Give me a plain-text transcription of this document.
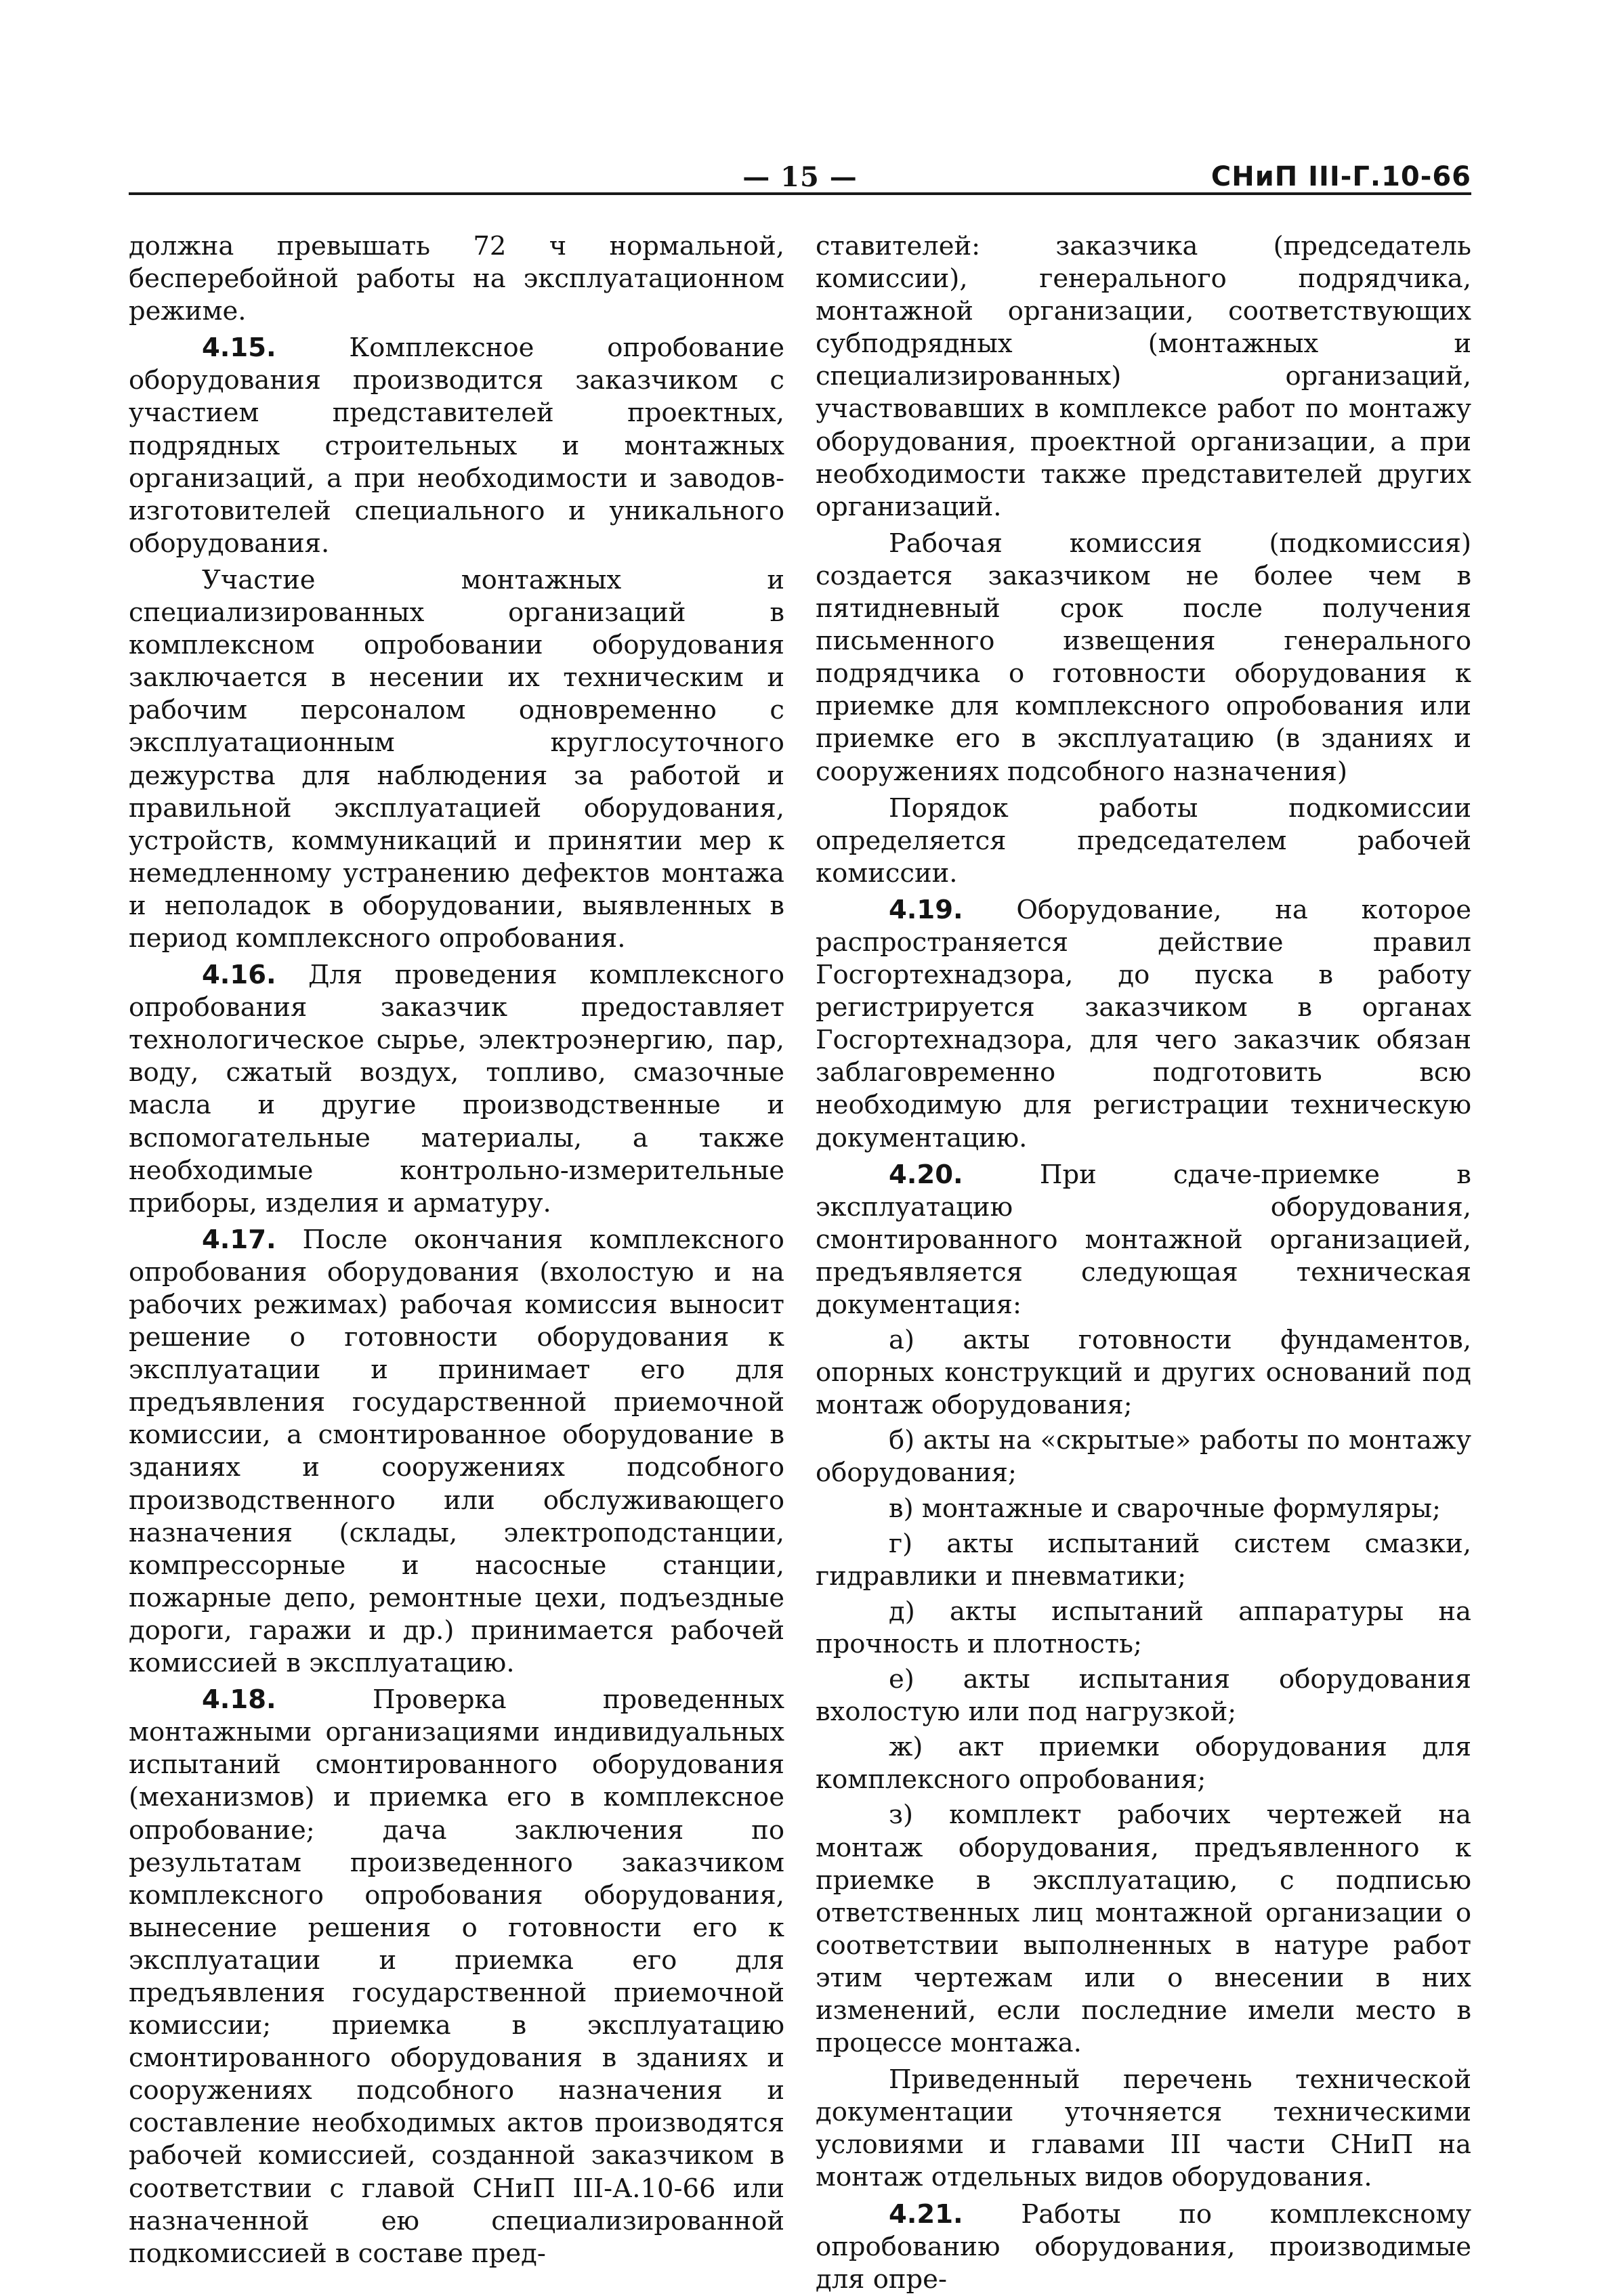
— 15 —	СНиП III-Г.10-66

должна превышать 72 ч нормальной, бесперебойной работы на эксплуатационном режиме.

4.15.	Комплексное опробование оборудования производится заказчиком с участием представителей проектных, подрядных строительных и монтажных организаций, а при необходимости и заводов-изготовителей специального и уникального оборудования.

Участие монтажных и специализированных организаций в комплексном опробовании оборудования заключается в несении их техническим и рабочим персоналом одновременно с эксплуатационным круглосуточного дежурства для наблюдения за работой и правильной эксплуатацией оборудования, устройств, коммуникаций и принятии мер к немедленному устранению дефектов монтажа и неполадок в оборудовании, выявленных в период комплексного опробования.

4.16. Для проведения комплексного опробования заказчик предоставляет технологическое сырье, электроэнергию, пар, воду, сжатый воздух, топливо, смазочные масла и другие производственные и вспомогательные материалы, а также необходимые контрольно-измерительные приборы, изделия и арматуру.

4.17. После окончания комплексного опробования оборудования (вхолостую и на рабочих режимах) рабочая комиссия выносит решение о готовности оборудования к эксплуатации и принимает его для предъявления государственной приемочной комиссии, а смонтированное оборудование в зданиях и сооружениях подсобного производственного или обслуживающего назначения (склады, электроподстанции, компрессорные и насосные станции, пожарные депо, ремонтные цехи, подъездные дороги, гаражи и др.) принимается рабочей комиссией в эксплуатацию.

4.18.	Проверка проведенных монтажными организациями индивидуальных испытаний смонтированного оборудования (механизмов) и приемка его в комплексное опробование; дача заключения по результатам произведенного заказчиком комплексного опробования оборудования, вынесение решения о готовности его к эксплуатации и приемка его для предъявления государственной приемочной комиссии; приемка в эксплуатацию смонтированного оборудования в зданиях и сооружениях подсобного назначения и составление необходимых актов производятся рабочей комиссией, созданной заказчиком в соответствии с главой СНиП III-А.10-66 или назначенной ею специализированной подкомиссией в составе пред-

ставителей: заказчика (председатель комиссии), генерального подрядчика, монтажной организации, соответствующих субподрядных (монтажных и специализированных) организаций, участвовавших в комплексе работ по монтажу оборудования, проектной организации, а при необходимости также представителей других организаций.

Рабочая комиссия (подкомиссия) создается заказчиком не более чем в пятидневный срок после получения письменного извещения генерального подрядчика о готовности оборудования к приемке для комплексного опробования или приемке его в эксплуатацию (в зданиях и сооружениях подсобного назначения)

Порядок работы подкомиссии определяется председателем рабочей комиссии.

4.19. Оборудование, на которое распространяется действие правил Госгортехнадзора, до пуска в работу регистрируется заказчиком в органах Госгортехнадзора, для чего заказчик обязан заблаговременно подготовить всю необходимую для регистрации техническую документацию.

4.20.	При сдаче-приемке в эксплуатацию оборудования, смонтированного монтажной организацией, предъявляется следующая техническая документация:

а) акты готовности фундаментов, опорных конструкций и других оснований под монтаж оборудования;

б) акты на «скрытые» работы по монтажу оборудования;

в) монтажные и сварочные формуляры;

г) акты испытаний систем смазки, гидравлики и пневматики;

д) акты испытаний аппаратуры на прочность и плотность;

е) акты испытания оборудования вхолостую или под нагрузкой;

ж) акт приемки оборудования для комплексного опробования;

з) комплект рабочих чертежей на монтаж оборудования, предъявленного к приемке в эксплуатацию, с подписью ответственных лиц монтажной организации о соответствии выполненных в натуре работ этим чертежам или о внесении в них изменений, если последние имели место в процессе монтажа.

Приведенный перечень технической документации уточняется техническими условиями и главами III части СНиП на монтаж отдельных видов оборудования.

4.21. Работы по комплексному опробованию оборудования, производимые для опре-
